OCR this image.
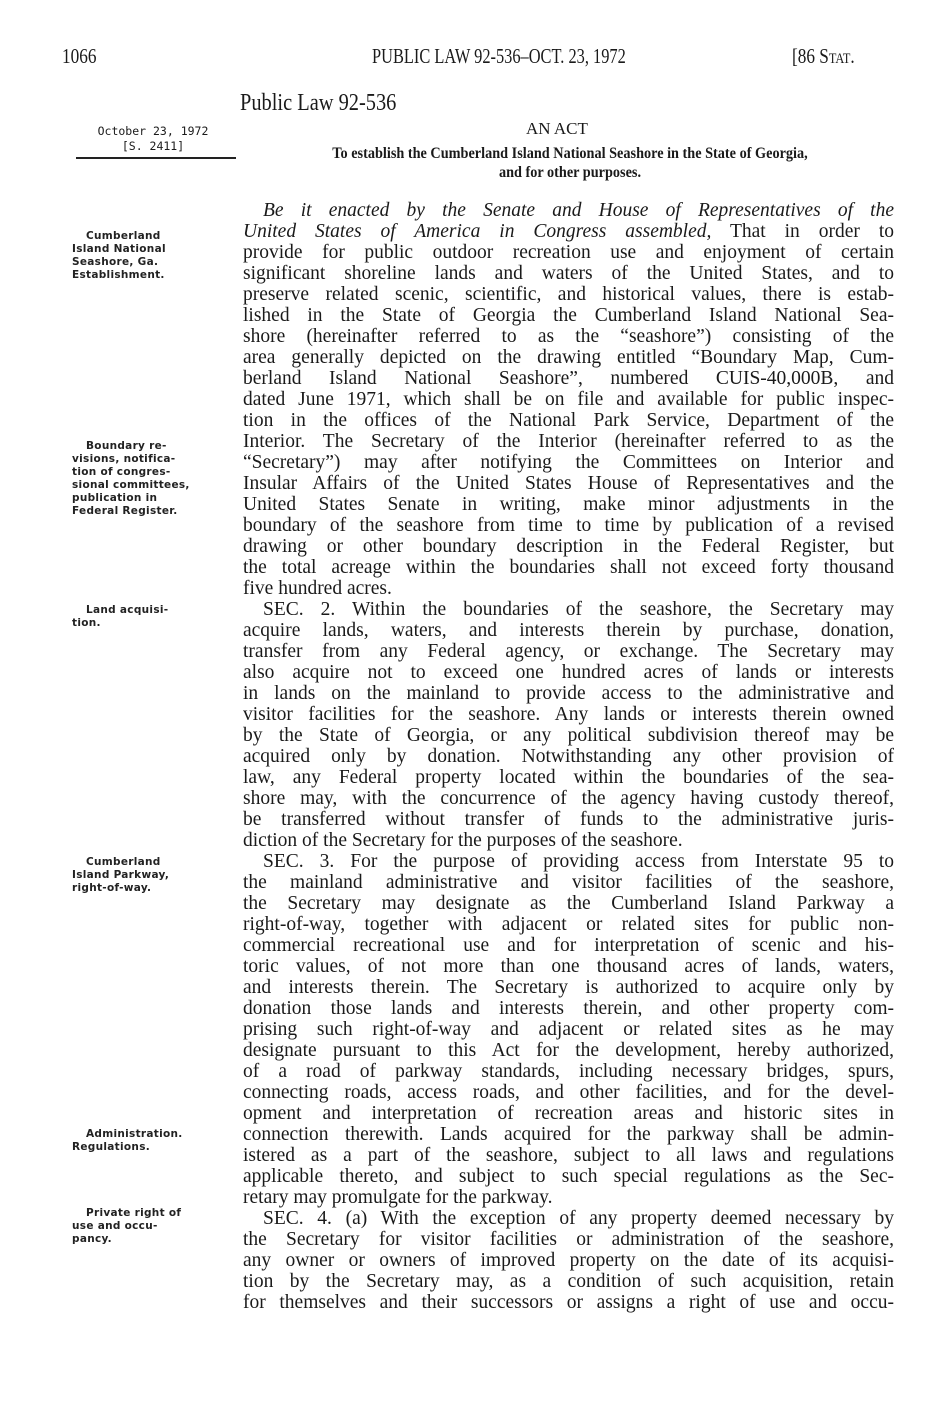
1066	PUBLIC LAW 92-536–OCT. 23, 1972	[86 Stat.
Public Law 92-536
AN ACT
October 23, 1972
[S. 2411]	To establish the Cumberland Island National Seashore in the State of Georgia,
and for other purposes.
Be it enacted by the Senate and House of Representatives of the
United States of America in Congress assembled, That in order to
provide for public outdoor recreation use and enjoyment of certain
significant shoreline lands and waters of the United States, and to
preserve related scenic, scientific, and historical values, there is estab-
lished in the State of Georgia the Cumberland Island National Sea-
shore (hereinafter referred to as the “seashore”) consisting of the
area generally depicted on the drawing entitled “Boundary Map, Cum-
berland Island National Seashore”, numbered CUIS-40,000B, and
dated June 1971, which shall be on file and available for public inspec-
tion in the offices of the National Park Service, Department of the
Interior. The Secretary of the Interior (hereinafter referred to as the
“Secretary”) may after notifying the Committees on Interior and
Insular Affairs of the United States House of Representatives and the
United States Senate in writing, make minor adjustments in the
boundary of the seashore from time to time by publication of a revised
drawing or other boundary description in the Federal Register, but
the total acreage within the boundaries shall not exceed forty thousand
five hundred acres.
SEC. 2. Within the boundaries of the seashore, the Secretary may
acquire lands, waters, and interests therein by purchase, donation,
transfer from any Federal agency, or exchange. The Secretary may
also acquire not to exceed one hundred acres of lands or interests
in lands on the mainland to provide access to the administrative and
visitor facilities for the seashore. Any lands or interests therein owned
by the State of Georgia, or any political subdivision thereof may be
acquired only by donation. Notwithstanding any other provision of
law, any Federal property located within the boundaries of the sea-
shore may, with the concurrence of the agency having custody thereof,
be transferred without transfer of funds to the administrative juris-
diction of the Secretary for the purposes of the seashore.
SEC. 3. For the purpose of providing access from Interstate 95 to
the mainland administrative and visitor facilities of the seashore,
the Secretary may designate as the Cumberland Island Parkway a
right-of-way, together with adjacent or related sites for public non-
commercial recreational use and for interpretation of scenic and his-
toric values, of not more than one thousand acres of lands, waters,
and interests therein. The Secretary is authorized to acquire only by
donation those lands and interests therein, and other property com-
prising such right-of-way and adjacent or related sites as he may
designate pursuant to this Act for the development, hereby authorized,
of a road of parkway standards, including necessary bridges, spurs,
connecting roads, access roads, and other facilities, and for the devel-
opment and interpretation of recreation areas and historic sites in
connection therewith. Lands acquired for the parkway shall be admin-
istered as a part of the seashore, subject to all laws and regulations
applicable thereto, and subject to such special regulations as the Sec-
retary may promulgate for the parkway.
SEC. 4. (a) With the exception of any property deemed necessary by
the Secretary for visitor facilities or administration of the seashore,
any owner or owners of improved property on the date of its acquisi-
tion by the Secretary may, as a condition of such acquisition, retain
for themselves and their successors or assigns a right of use and occu-
Cumberland
Island National
Seashore, Ga.
Establishment.
Boundary re-
visions, notifica-
tion of congres-
sional committees,
publication in
Federal Register.
Land acquisi-
tion.
Cumberland
Island Parkway,
right-of-way.
Administration.
Regulations.
Private right of
use and occu-
pancy.
